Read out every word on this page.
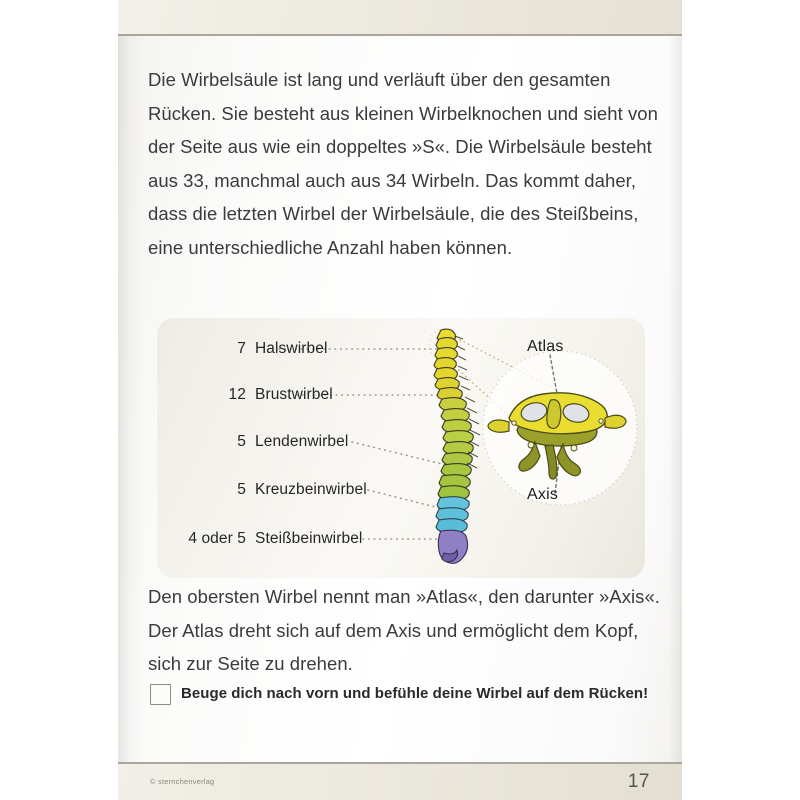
Die Wirbelsäule ist lang und verläuft über den gesamten Rücken. Sie besteht aus kleinen Wirbelknochen und sieht von der Seite aus wie ein doppeltes »S«. Die Wirbelsäule besteht aus 33, manchmal auch aus 34 Wirbeln. Das kommt daher, dass die letzten Wirbel der Wirbelsäule, die des Steißbeins, eine unterschiedliche Anzahl haben können.

7 Halswirbel
12 Brustwirbel
5 Lendenwirbel
5 Kreuzbeinwirbel
4 oder 5 Steißbeinwirbel
Atlas
Axis

Den obersten Wirbel nennt man »Atlas«, den darunter »Axis«. Der Atlas dreht sich auf dem Axis und ermöglicht dem Kopf, sich zur Seite zu drehen.

Beuge dich nach vorn und befühle deine Wirbel auf dem Rücken!
© sternchenverlag	17
